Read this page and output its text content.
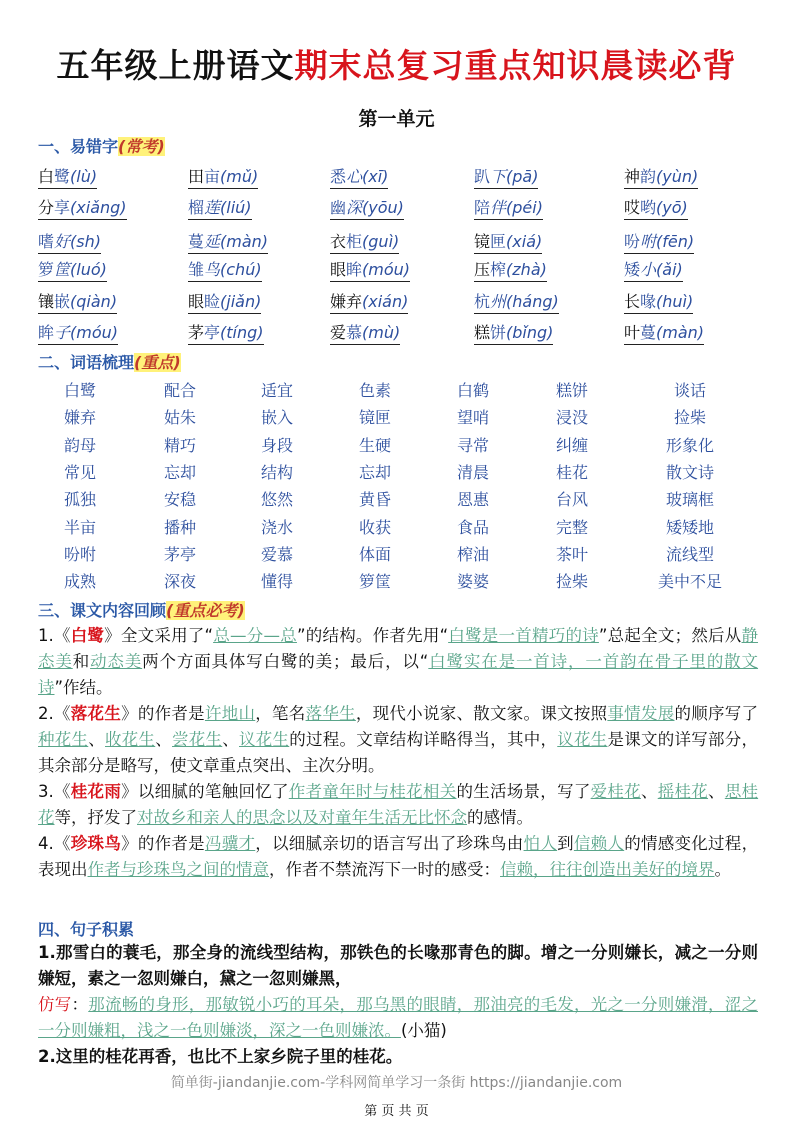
五年级上册语文期末总复习重点知识晨读必背
第一单元
一、易错字(常考)
白鹭(lù)	田亩(mǔ)	悉心(xī)	趴下(pā)	神韵(yùn)
分享(xiǎng)	榴莲(liú)	幽深(yōu)	陪伴(péi)	哎哟(yō)
嗜好(sh)	蔓延(màn)	衣柜(guì)	镜匣(xiá)	吩咐(fēn)
箩筐(luó)	雏鸟(chú)	眼眸(móu)	压榨(zhà)	矮小(ǎi)
镶嵌(qiàn)	眼睑(jiǎn)	嫌弃(xián)	杭州(háng)	长喙(huì)
眸子(móu)	茅亭(tíng)	爱慕(mù)	糕饼(bǐng)	叶蔓(màn)
二、词语梳理(重点)
白鹭	配合	适宜	色素	白鹤	糕饼	谈话
嫌弃	姑朱	嵌入	镜匣	望哨	浸没	捡柴
韵母	精巧	身段	生硬	寻常	纠缠	形象化
常见	忘却	结构	忘却	清晨	桂花	散文诗
孤独	安稳	悠然	黄昏	恩惠	台风	玻璃框
半亩	播种	浇水	收获	食品	完整	矮矮地
吩咐	茅亭	爱慕	体面	榨油	茶叶	流线型
成熟	深夜	懂得	箩筐	婆婆	捡柴	美中不足
三、课文内容回顾(重点必考)
1.《白鹭》全文采用了“总—分—总”的结构。作者先用“白鹭是一首精巧的诗”总起全文；然后从静态美和动态美两个方面具体写白鹭的美；最后，以“白鹭实在是一首诗，一首韵在骨子里的散文诗”作结。
2.《落花生》的作者是许地山，笔名落华生，现代小说家、散文家。课文按照事情发展的顺序写了种花生、收花生、尝花生、议花生的过程。文章结构详略得当，其中，议花生是课文的详写部分，其余部分是略写，使文章重点突出、主次分明。
3.《桂花雨》以细腻的笔触回忆了作者童年时与桂花相关的生活场景，写了爱桂花、摇桂花、思桂花等，抒发了对故乡和亲人的思念以及对童年生活无比怀念的感情。
4.《珍珠鸟》的作者是冯骥才，以细腻亲切的语言写出了珍珠鸟由怕人到信赖人的情感变化过程，表现出作者与珍珠鸟之间的情意，作者不禁流泻下一时的感受：信赖，往往创造出美好的境界。
四、句子积累
1.那雪白的蓑毛，那全身的流线型结构，那铁色的长喙那青色的脚。增之一分则嫌长，减之一分则嫌短，素之一忽则嫌白，黛之一忽则嫌黑，
仿写：那流畅的身形，那敏锐小巧的耳朵，那乌黑的眼睛，那油亮的毛发，光之一分则嫌滑，涩之一分则嫌粗，浅之一色则嫌淡，深之一色则嫌浓。(小猫)
2.这里的桂花再香，也比不上家乡院子里的桂花。
简单街-jiandanjie.com-学科网简单学习一条街 https://jiandanjie.com
第 页 共 页
